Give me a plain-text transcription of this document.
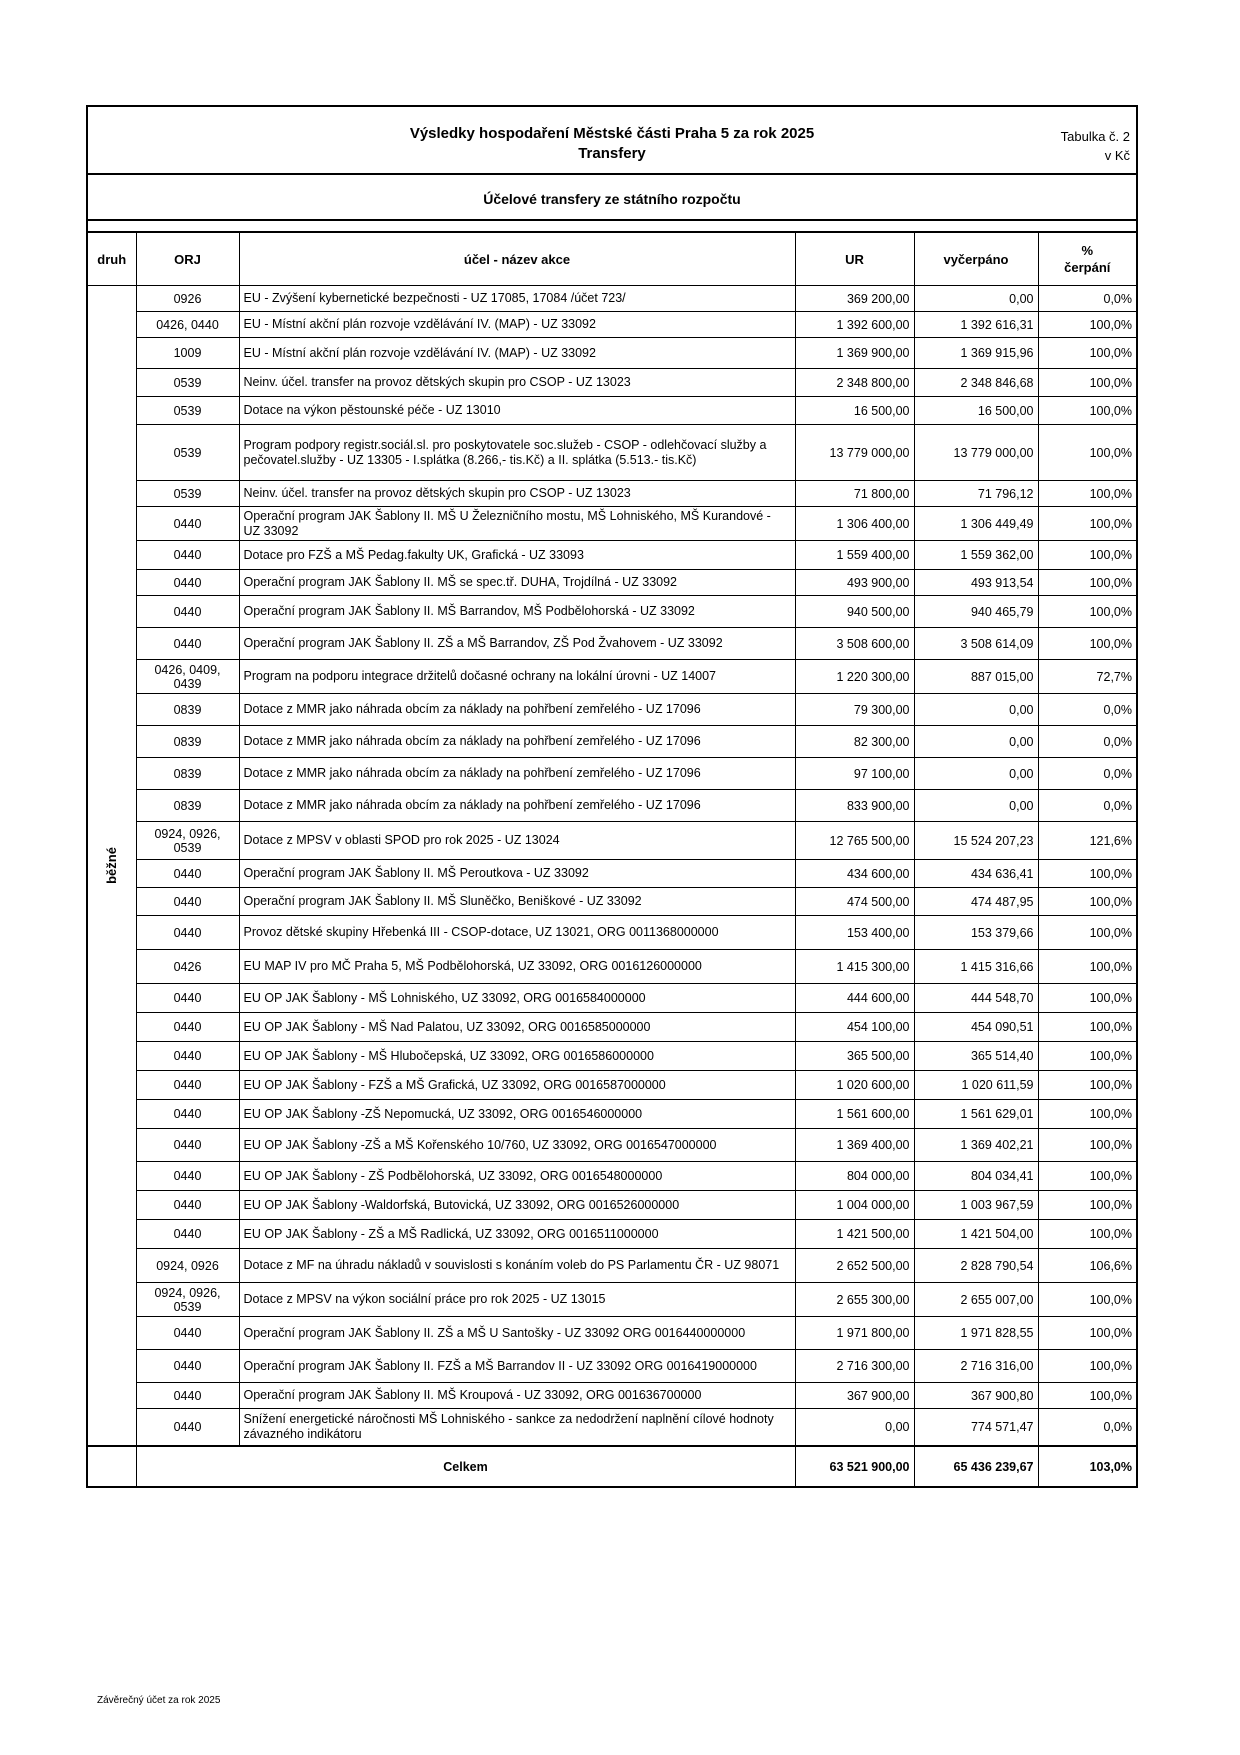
Výsledky hospodaření Městské části Praha 5 za rok 2025
Transfery
Tabulka č. 2
v Kč
Účelové transfery ze státního rozpočtu
druh	ORJ	účel - název akce	UR	vyčerpáno	%
čerpání

běžné	0926	EU - Zvýšení kybernetické bezpečnosti - UZ 17085, 17084 /účet 723/	369 200,00	0,00	0,0%
	0426, 0440	EU - Místní akční plán rozvoje vzdělávání IV. (MAP) - UZ 33092	1 392 600,00	1 392 616,31	100,0%
	1009	EU - Místní akční plán rozvoje vzdělávání IV. (MAP) - UZ 33092	1 369 900,00	1 369 915,96	100,0%
	0539	Neinv. účel. transfer na provoz dětských skupin pro CSOP - UZ 13023	2 348 800,00	2 348 846,68	100,0%
	0539	Dotace na výkon pěstounské péče - UZ 13010	16 500,00	16 500,00	100,0%
	0539	Program podpory registr.sociál.sl. pro poskytovatele soc.služeb - CSOP - odlehčovací služby a pečovatel.služby - UZ 13305 - I.splátka (8.266,- tis.Kč) a II. splátka (5.513.- tis.Kč)	13 779 000,00	13 779 000,00	100,0%
	0539	Neinv. účel. transfer na provoz dětských skupin pro CSOP - UZ 13023	71 800,00	71 796,12	100,0%
	0440	Operační program JAK Šablony II. MŠ U Železničního mostu, MŠ Lohniského, MŠ Kurandové - UZ 33092	1 306 400,00	1 306 449,49	100,0%
	0440	Dotace pro FZŠ a MŠ Pedag.fakulty UK, Grafická - UZ 33093	1 559 400,00	1 559 362,00	100,0%
	0440	Operační program JAK Šablony II. MŠ se spec.tř. DUHA, Trojdílná - UZ 33092	493 900,00	493 913,54	100,0%
	0440	Operační program JAK Šablony II. MŠ Barrandov, MŠ Podbělohorská - UZ 33092	940 500,00	940 465,79	100,0%
	0440	Operační program JAK Šablony II. ZŠ a MŠ Barrandov, ZŠ Pod Žvahovem - UZ 33092	3 508 600,00	3 508 614,09	100,0%
	0426, 0409, 0439	Program na podporu integrace držitelů dočasné ochrany na lokální úrovni - UZ 14007	1 220 300,00	887 015,00	72,7%
	0839	Dotace z MMR jako náhrada obcím za náklady na pohřbení zemřelého - UZ 17096	79 300,00	0,00	0,0%
	0839	Dotace z MMR jako náhrada obcím za náklady na pohřbení zemřelého - UZ 17096	82 300,00	0,00	0,0%
	0839	Dotace z MMR jako náhrada obcím za náklady na pohřbení zemřelého - UZ 17096	97 100,00	0,00	0,0%
	0839	Dotace z MMR jako náhrada obcím za náklady na pohřbení zemřelého - UZ 17096	833 900,00	0,00	0,0%
	0924, 0926, 0539	Dotace z MPSV v oblasti SPOD pro rok 2025 - UZ 13024	12 765 500,00	15 524 207,23	121,6%
	0440	Operační program JAK Šablony II. MŠ Peroutkova - UZ 33092	434 600,00	434 636,41	100,0%
	0440	Operační program JAK Šablony II. MŠ Sluněčko, Beniškové - UZ 33092	474 500,00	474 487,95	100,0%
	0440	Provoz dětské skupiny Hřebenká III - CSOP-dotace, UZ 13021, ORG 0011368000000	153 400,00	153 379,66	100,0%
	0426	EU MAP IV pro MČ Praha 5, MŠ Podbělohorská, UZ 33092, ORG 0016126000000	1 415 300,00	1 415 316,66	100,0%
	0440	EU OP JAK Šablony - MŠ Lohniského, UZ 33092, ORG 0016584000000	444 600,00	444 548,70	100,0%
	0440	EU OP JAK Šablony - MŠ Nad Palatou, UZ 33092, ORG 0016585000000	454 100,00	454 090,51	100,0%
	0440	EU OP JAK Šablony - MŠ Hlubočepská, UZ 33092, ORG 0016586000000	365 500,00	365 514,40	100,0%
	0440	EU OP JAK Šablony - FZŠ a MŠ Grafická, UZ 33092, ORG 0016587000000	1 020 600,00	1 020 611,59	100,0%
	0440	EU OP JAK Šablony -ZŠ Nepomucká, UZ 33092, ORG 0016546000000	1 561 600,00	1 561 629,01	100,0%
	0440	EU OP JAK Šablony -ZŠ a MŠ Kořenského 10/760, UZ 33092, ORG 0016547000000	1 369 400,00	1 369 402,21	100,0%
	0440	EU OP JAK Šablony - ZŠ Podbělohorská, UZ 33092, ORG 0016548000000	804 000,00	804 034,41	100,0%
	0440	EU OP JAK Šablony -Waldorfská, Butovická, UZ 33092, ORG 0016526000000	1 004 000,00	1 003 967,59	100,0%
	0440	EU OP JAK Šablony - ZŠ a MŠ Radlická, UZ 33092, ORG 0016511000000	1 421 500,00	1 421 504,00	100,0%
	0924, 0926	Dotace z MF na úhradu nákladů v souvislosti s konáním voleb do PS Parlamentu ČR - UZ 98071	2 652 500,00	2 828 790,54	106,6%
	0924, 0926, 0539	Dotace z MPSV na výkon sociální práce pro rok 2025 - UZ 13015	2 655 300,00	2 655 007,00	100,0%
	0440	Operační program JAK Šablony II. ZŠ a MŠ U Santošky - UZ 33092 ORG 0016440000000	1 971 800,00	1 971 828,55	100,0%
	0440	Operační program JAK Šablony II. FZŠ a MŠ Barrandov II - UZ 33092 ORG 0016419000000	2 716 300,00	2 716 316,00	100,0%
	0440	Operační program JAK Šablony II. MŠ Kroupová - UZ 33092, ORG 001636700000	367 900,00	367 900,80	100,0%
	0440	Snížení energetické náročnosti MŠ Lohniského - sankce za nedodržení naplnění cílové hodnoty závazného indikátoru	0,00	774 571,47	0,0%
	Celkem		63 521 900,00	65 436 239,67	103,0%
Závěrečný účet za rok 2025
